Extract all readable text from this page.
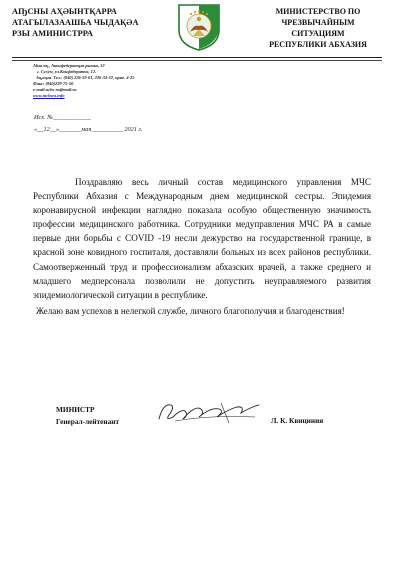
АҦСНЫ АҲӘЫНТҚАРРА
АТАГЫЛАЗААШЬА ЧЫДАҚӘА
РЗЫ АМИНИСТРРА
МИНИСТЕРСТВО ПО
ЧРЕЗВЫЧАЙНЫМ СИТУАЦИЯМ
РЕСПУБЛИКИ АБХАЗИЯ
Аҟәа ақ., Аконфедератцәа рымҩа, 12
г. Сухум, ул.Конфедератов, 12.
Аҧацәа. Тел.: (840) 226-59-01, 226-34-22, прие. 4-25
Факс: (840)229-75-50
e-mail:achs-rа@mail.ru
www.mchsra.info
Исх. №____________
«__12__»_______мая__________ 2021 г.

Поздравляю весь личный состав медицинского управления МЧС Республики Абхазия с Международным днем медицинской сестры. Эпидемия коронавирусной инфекции наглядно показала особую общественную значимость профессии медицинского работника. Сотрудники медуправления МЧС РА в самые первые дни борьбы с COVID -19 несли дежурство на государственной границе, в красной зоне ковидного госпиталя, доставляли больных из всех районов республики. Самоотверженный труд и профессионализм абхазских врачей, а также среднего и младшего медперсонала позволили не допустить неуправляемого развития эпидемиологической ситуации в республике.

Желаю вам успехов в нелегкой службе, личного благополучия и благоденствия!

МИНИСТР
Генерал-лейтенант	Л. К. Квициния
